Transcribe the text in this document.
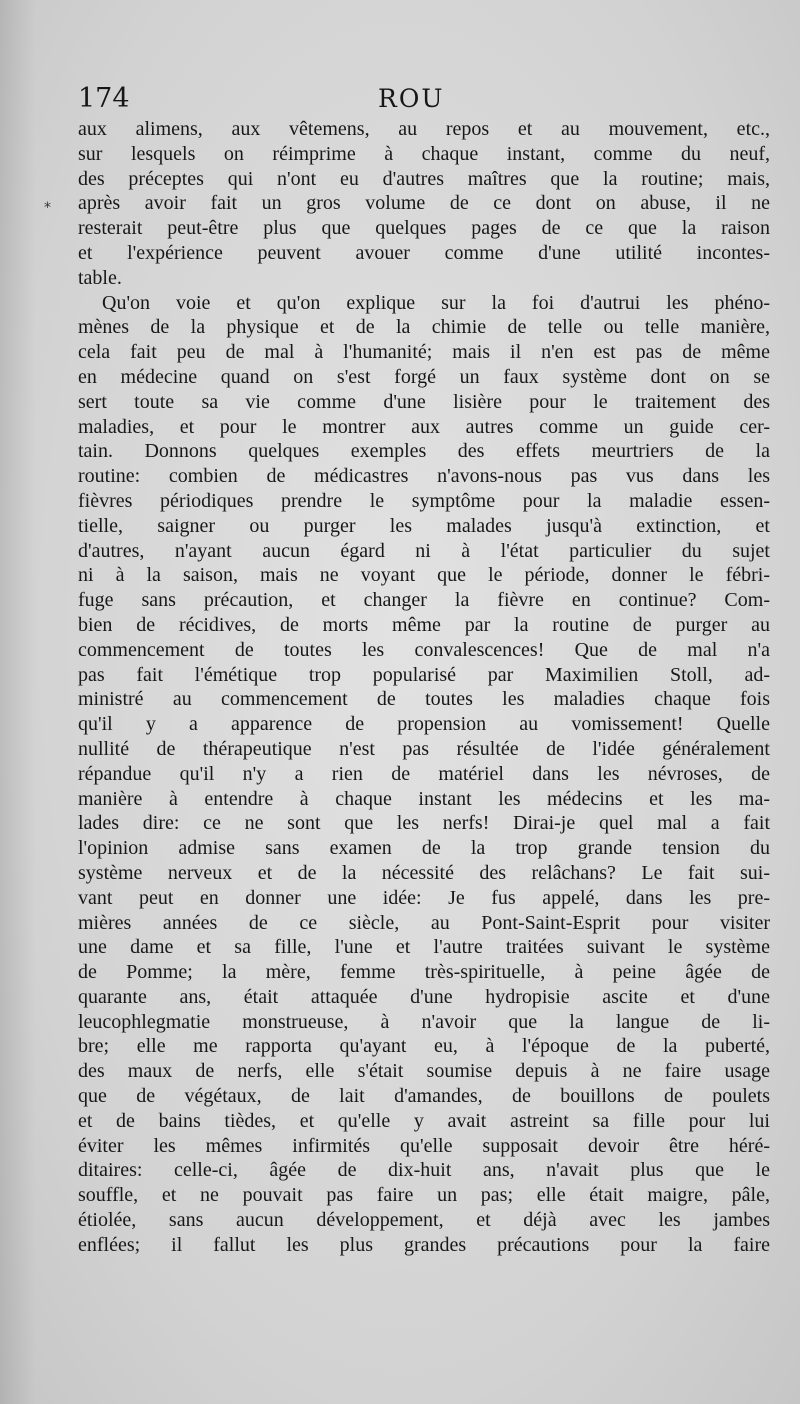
174	ROU
*
aux alimens, aux vêtemens, au repos et au mouvement, etc.,
sur lesquels on réimprime à chaque instant, comme du neuf,
des préceptes qui n'ont eu d'autres maîtres que la routine; mais,
après avoir fait un gros volume de ce dont on abuse, il ne
resterait peut-être plus que quelques pages de ce que la raison
et l'expérience peuvent avouer comme d'une utilité incontes-
table.
Qu'on voie et qu'on explique sur la foi d'autrui les phéno-
mènes de la physique et de la chimie de telle ou telle manière,
cela fait peu de mal à l'humanité; mais il n'en est pas de même
en médecine quand on s'est forgé un faux système dont on se
sert toute sa vie comme d'une lisière pour le traitement des
maladies, et pour le montrer aux autres comme un guide cer-
tain. Donnons quelques exemples des effets meurtriers de la
routine: combien de médicastres n'avons-nous pas vus dans les
fièvres périodiques prendre le symptôme pour la maladie essen-
tielle, saigner ou purger les malades jusqu'à extinction, et
d'autres, n'ayant aucun égard ni à l'état particulier du sujet
ni à la saison, mais ne voyant que le période, donner le fébri-
fuge sans précaution, et changer la fièvre en continue? Com-
bien de récidives, de morts même par la routine de purger au
commencement de toutes les convalescences! Que de mal n'a
pas fait l'émétique trop popularisé par Maximilien Stoll, ad-
ministré au commencement de toutes les maladies chaque fois
qu'il y a apparence de propension au vomissement! Quelle
nullité de thérapeutique n'est pas résultée de l'idée généralement
répandue qu'il n'y a rien de matériel dans les névroses, de
manière à entendre à chaque instant les médecins et les ma-
lades dire: ce ne sont que les nerfs! Dirai-je quel mal a fait
l'opinion admise sans examen de la trop grande tension du
système nerveux et de la nécessité des relâchans? Le fait sui-
vant peut en donner une idée: Je fus appelé, dans les pre-
mières années de ce siècle, au Pont-Saint-Esprit pour visiter
une dame et sa fille, l'une et l'autre traitées suivant le système
de Pomme; la mère, femme très-spirituelle, à peine âgée de
quarante ans, était attaquée d'une hydropisie ascite et d'une
leucophlegmatie monstrueuse, à n'avoir que la langue de li-
bre; elle me rapporta qu'ayant eu, à l'époque de la puberté,
des maux de nerfs, elle s'était soumise depuis à ne faire usage
que de végétaux, de lait d'amandes, de bouillons de poulets
et de bains tièdes, et qu'elle y avait astreint sa fille pour lui
éviter les mêmes infirmités qu'elle supposait devoir être héré-
ditaires: celle-ci, âgée de dix-huit ans, n'avait plus que le
souffle, et ne pouvait pas faire un pas; elle était maigre, pâle,
étiolée, sans aucun développement, et déjà avec les jambes
enflées; il fallut les plus grandes précautions pour la faire
